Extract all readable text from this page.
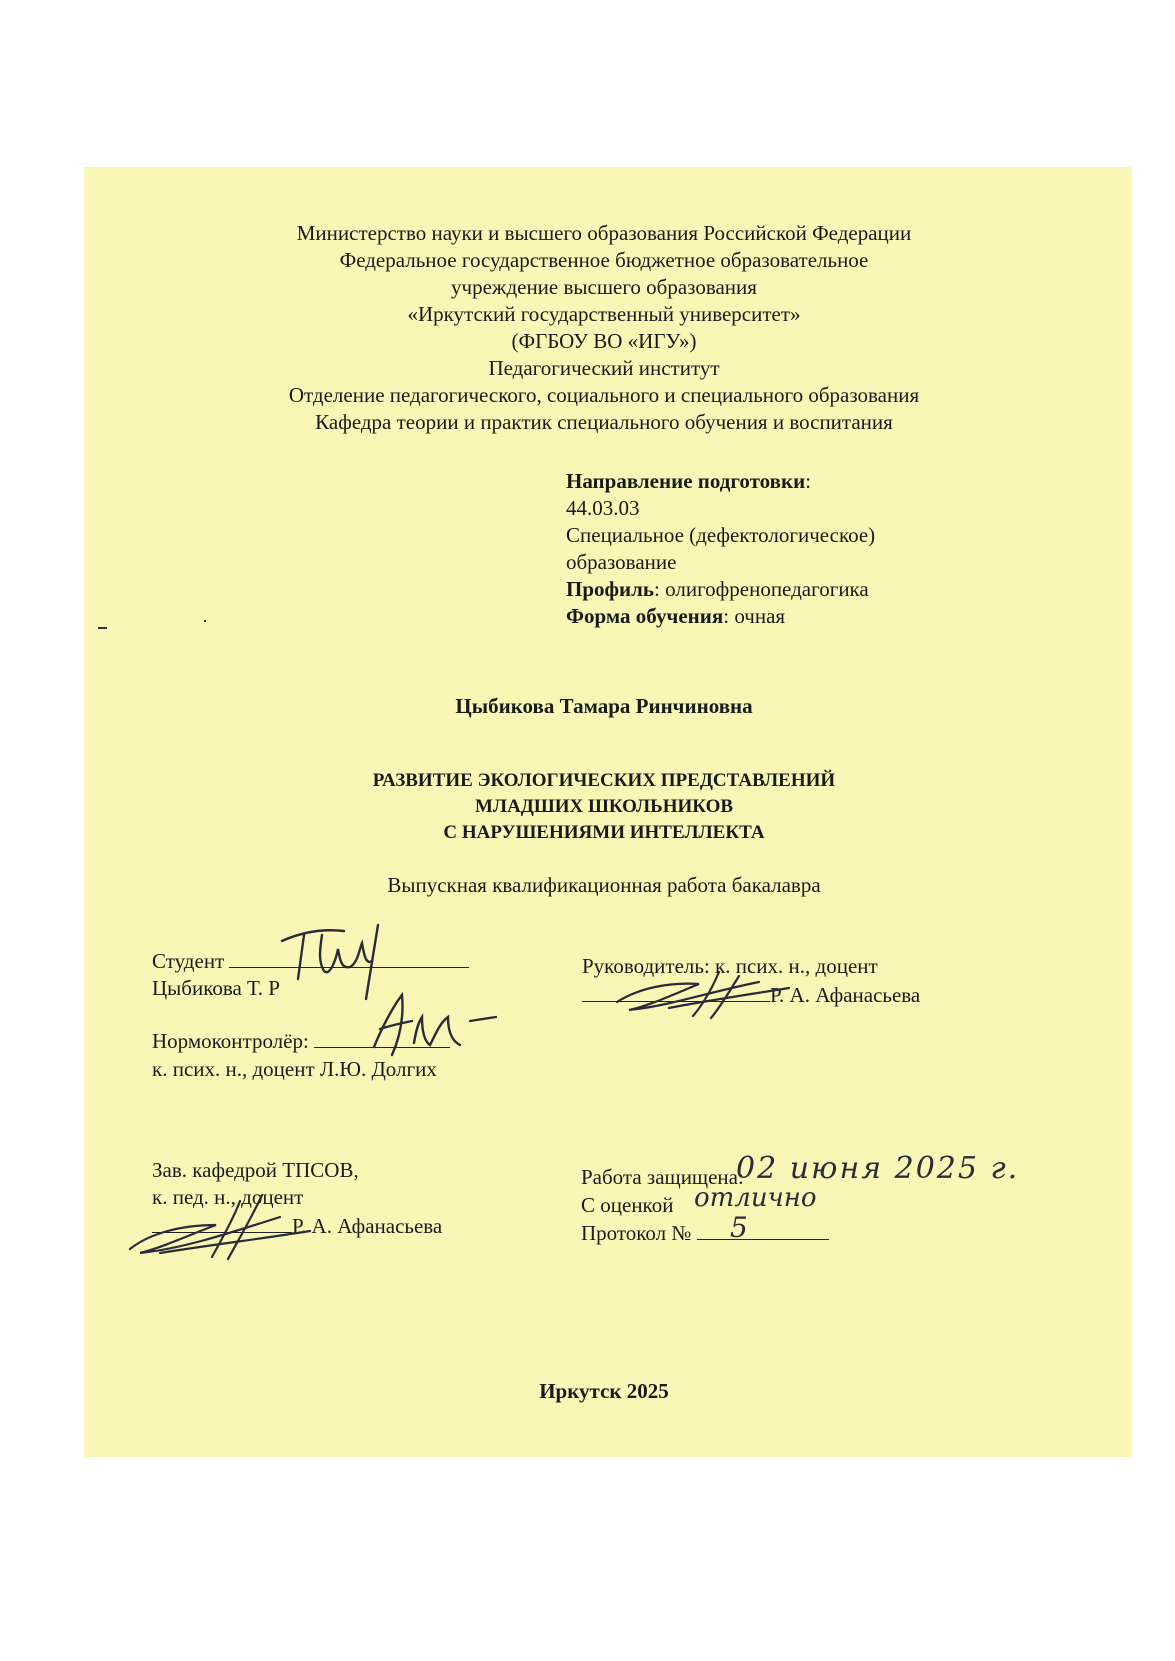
Министерство науки и высшего образования Российской Федерации
Федеральное государственное бюджетное образовательное
учреждение высшего образования
«Иркутский государственный университет»
(ФГБОУ ВО «ИГУ»)
Педагогический институт
Отделение педагогического, социального и специального образования
Кафедра теории и практик специального обучения и воспитания
Направление подготовки:
44.03.03
Специальное (дефектологическое)
образование
Профиль: олигофренопедагогика
Форма обучения: очная
Цыбикова Тамара Ринчиновна
РАЗВИТИЕ ЭКОЛОГИЧЕСКИХ ПРЕДСТАВЛЕНИЙ
МЛАДШИХ ШКОЛЬНИКОВ
С НАРУШЕНИЯМИ ИНТЕЛЛЕКТА
Выпускная квалификационная работа бакалавра
Студент
Цыбикова Т. Р
Руководитель: к. псих. н., доцент
Р. А. Афанасьева
Нормоконтролёр:
к. псих. н., доцент Л.Ю. Долгих
Зав. кафедрой ТПСОВ,
к. пед. н., доцент
Р. А. Афанасьева
Работа защищена:
02 июня 2025 г.
С оценкой отлично
Протокол №	5
Иркутск 2025
